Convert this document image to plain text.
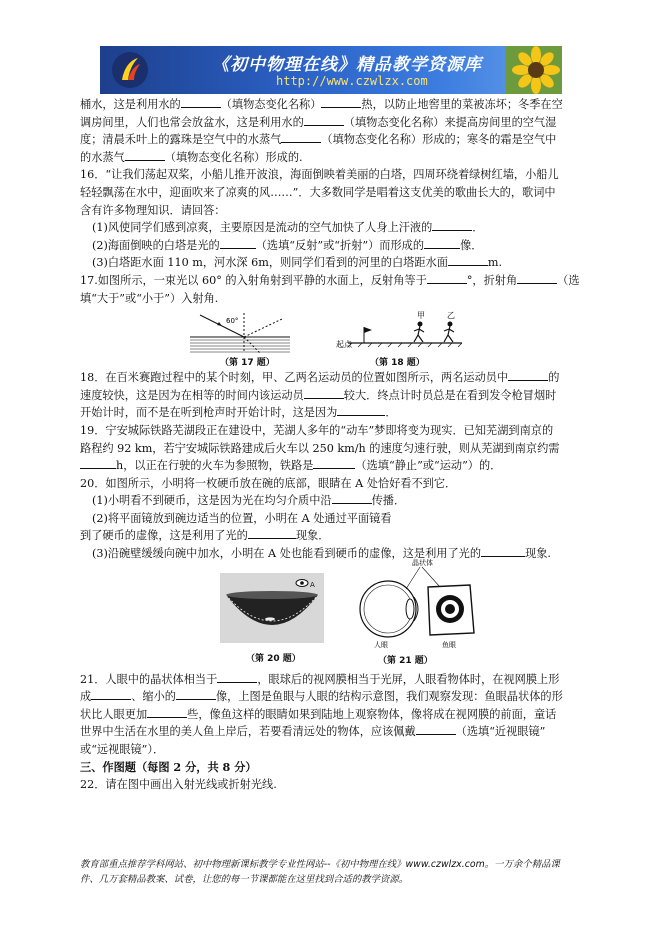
《初中物理在线》精品教学资源库
http://www.czwlzx.com

桶水，这是利用水的	（填物态变化名称）	热，以防止地窖里的菜被冻坏；冬季在空

调房间里，人们也常会放盆水，这是利用水的	（填物态变化名称）来提高房间里的空气湿

度；清晨禾叶上的露珠是空气中的水蒸气	（填物态变化名称）形成的；寒冬的霜是空气中

的水蒸气	（填物态变化名称）形成的.

16．“让我们荡起双桨，小船儿推开波浪，海面倒映着美丽的白塔，四周环绕着绿树红墙，小船儿

轻轻飘荡在水中，迎面吹来了凉爽的风……”．大多数同学是唱着这支优美的歌曲长大的，歌词中

含有许多物理知识．请回答：

(1)风使同学们感到凉爽，主要原因是流动的空气加快了人身上汗液的	．

(2)海面倒映的白塔是光的	（选填“反射”或“折射”）而形成的	像．

(3)白塔距水面 110 m，河水深 6m，则同学们看到的河里的白塔距水面	m.

17.如图所示，一束光以 60° 的入射角射到平静的水面上，反射角等于	°，折射角	（选

填“大于”或“小于”）入射角.

60°
（第 17 题）
起点
甲	乙
（第 18 题）

18．在百米赛跑过程中的某个时刻，甲、乙两名运动员的位置如图所示，两名运动员中	的

速度较快，这是因为在相等的时间内该运动员	较大．终点计时员总是在看到发令枪冒烟时

开始计时，而不是在听到枪声时开始计时，这是因为	．

19．宁安城际铁路芜湖段正在建设中，芜湖人多年的“动车”梦即将变为现实．已知芜湖到南京的

路程约 92 km，若宁安城际铁路建成后火车以 250 km/h 的速度匀速行驶，则从芜湖到南京约需

h，以正在行驶的火车为参照物，铁路是	（选填“静止”或“运动”）的．

20．如图所示，小明将一枚硬币放在碗的底部，眼睛在 A 处恰好看不到它．

(1)小明看不到硬币，这是因为光在均匀介质中沿	传播．

(2)将平面镜放到碗边适当的位置，小明在 A 处通过平面镜看

到了硬币的虚像，这是利用了光的	现象．

(3)沿碗壁缓缓向碗中加水，小明在 A 处也能看到硬币的虚像，这是利用了光的	现象.

A
（第 20 题）
晶状体
人眼	鱼眼
（第 21 题）

21．人眼中的晶状体相当于	，眼球后的视网膜相当于光屏，人眼看物体时，在视网膜上形

成	、缩小的	像，上图是鱼眼与人眼的结构示意图，我们观察发现：鱼眼晶状体的形

状比人眼更加	些，像鱼这样的眼睛如果到陆地上观察物体，像将成在视网膜的前面，童话

世界中生活在水里的美人鱼上岸后，若要看清远处的物体，应该佩戴	（选填“近视眼镜”

或“远视眼镜”）．

三、作图题（每图 2 分，共 8 分）

22．请在图中画出入射光线或折射光线.

教育部重点推荐学科网站、初中物理新课标教学专业性网站--《初中物理在线》www.czwlzx.com。一万余个精品课

件、几万套精品教案、试卷，让您的每一节课都能在这里找到合适的教学资源。
